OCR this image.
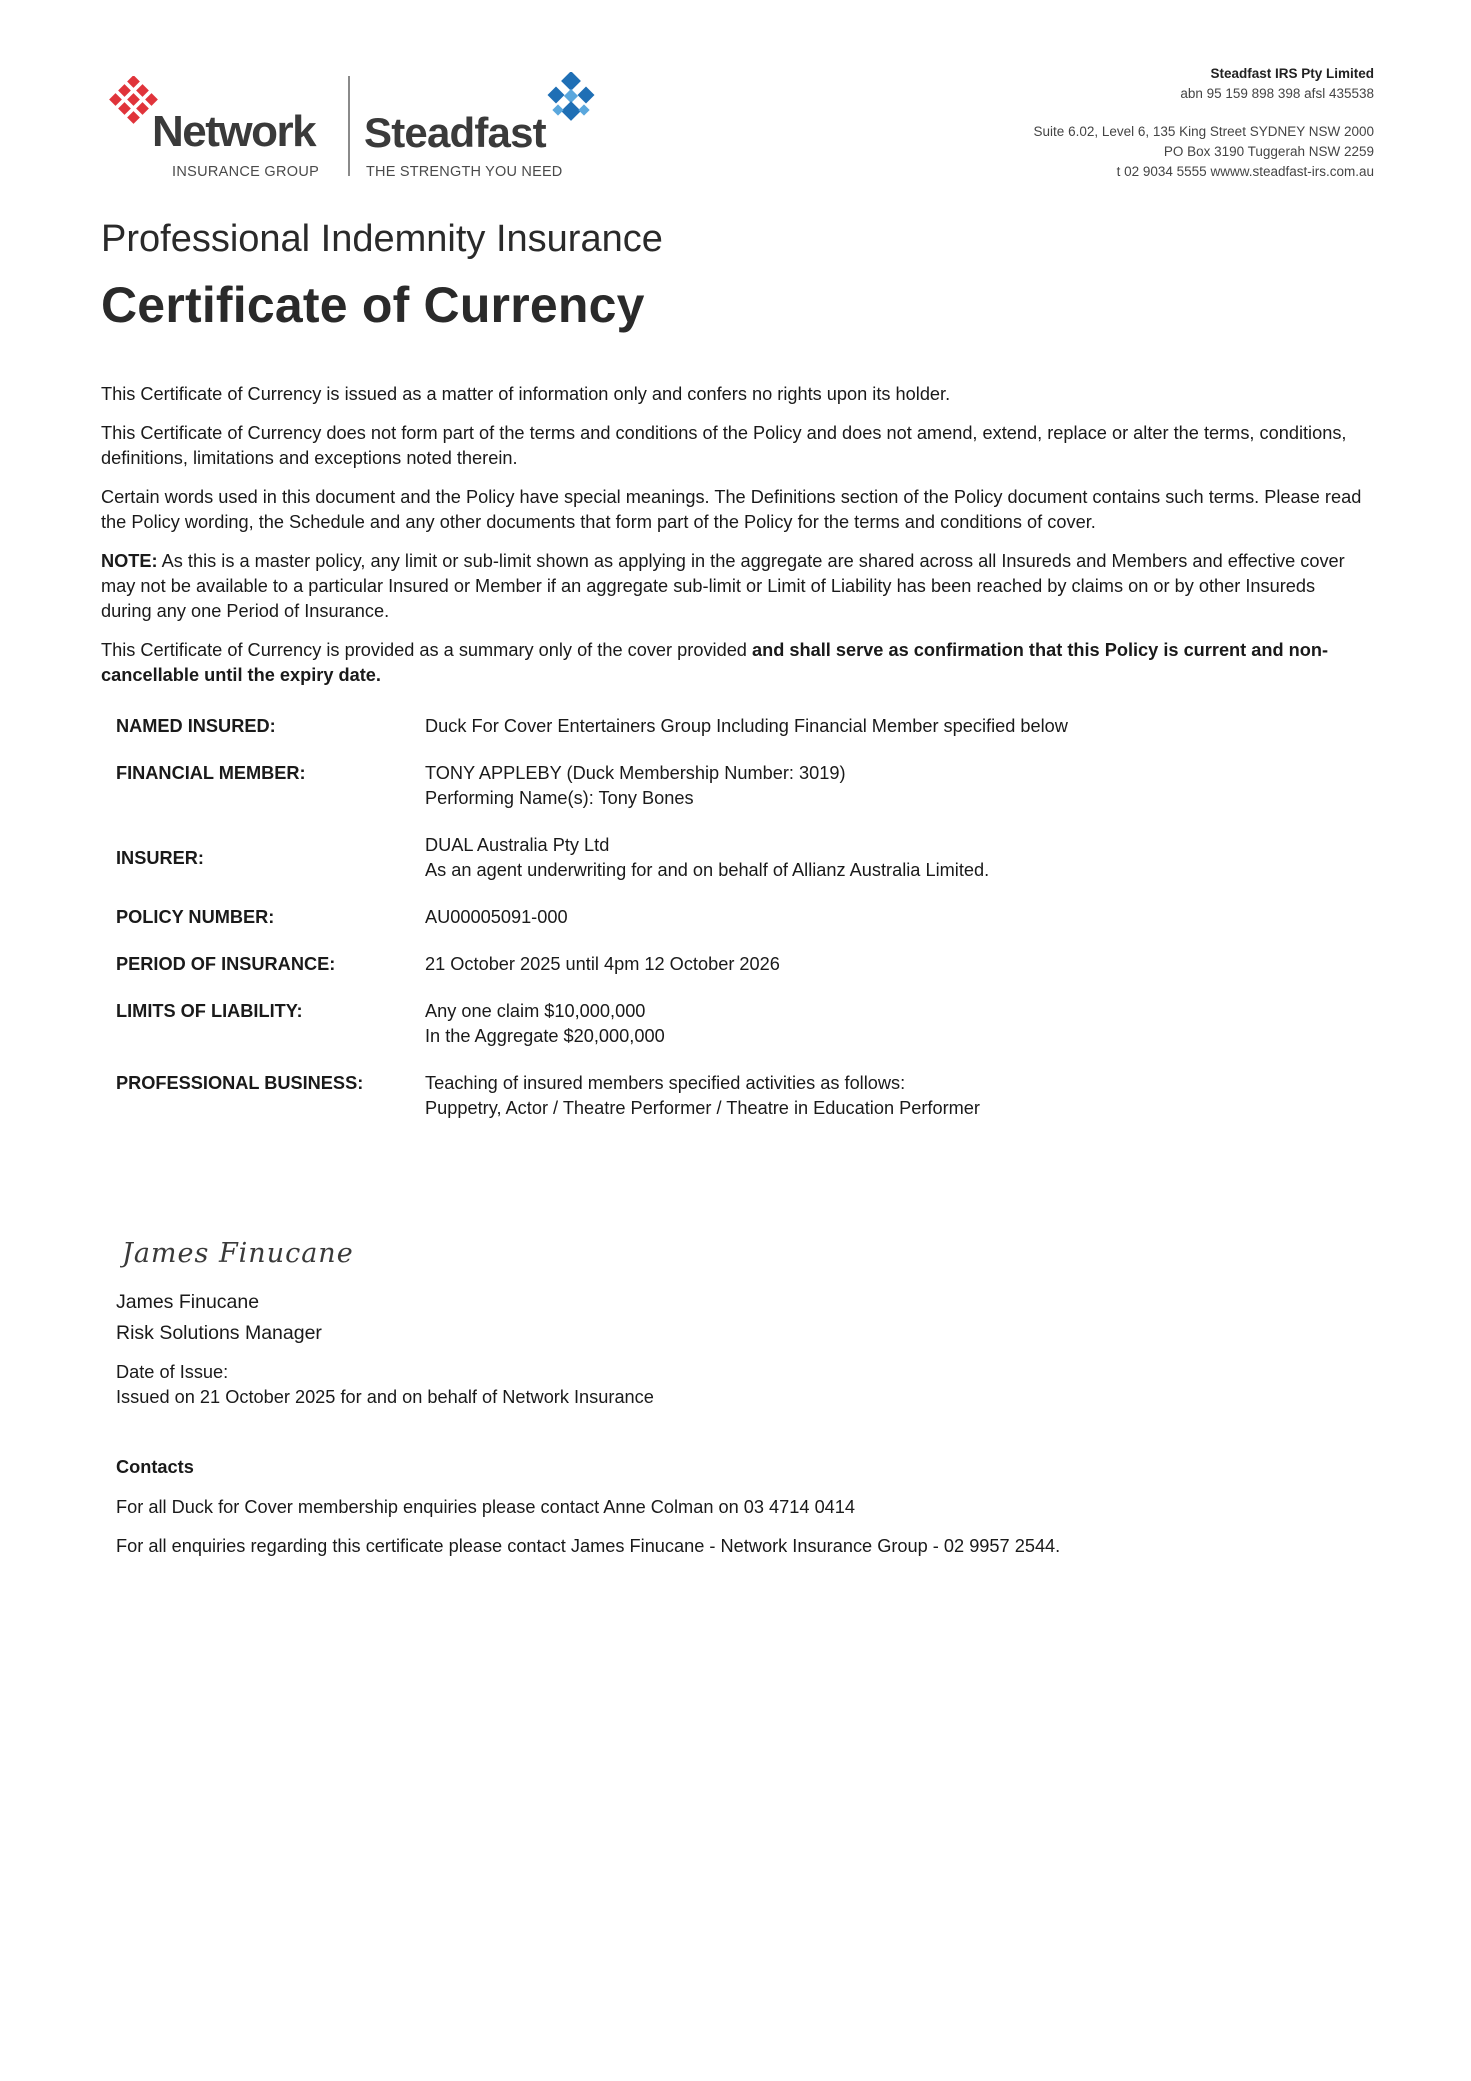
Network
INSURANCE GROUP
Steadfast
THE STRENGTH YOU NEED
Steadfast IRS Pty Limited
abn 95 159 898 398 afsl 435538
Suite 6.02, Level 6, 135 King Street SYDNEY NSW 2000
PO Box 3190 Tuggerah NSW 2259
t 02 9034 5555 wwww.steadfast-irs.com.au
Professional Indemnity Insurance
Certificate of Currency

This Certificate of Currency is issued as a matter of information only and confers no rights upon its holder.

This Certificate of Currency does not form part of the terms and conditions of the Policy and does not amend, extend, replace or alter the terms, conditions, definitions, limitations and exceptions noted therein.

Certain words used in this document and the Policy have special meanings. The Definitions section of the Policy document contains such terms. Please read the Policy wording, the Schedule and any other documents that form part of the Policy for the terms and conditions of cover.

NOTE: As this is a master policy, any limit or sub-limit shown as applying in the aggregate are shared across all Insureds and Members and effective cover may not be available to a particular Insured or Member if an aggregate sub-limit or Limit of Liability has been reached by claims on or by other Insureds during any one Period of Insurance.

This Certificate of Currency is provided as a summary only of the cover provided and shall serve as confirmation that this Policy is current and non-cancellable until the expiry date.

NAMED INSURED:	Duck For Cover Entertainers Group Including Financial Member specified below
FINANCIAL MEMBER:	TONY APPLEBY (Duck Membership Number: 3019)
Performing Name(s): Tony Bones
INSURER:
DUAL Australia Pty Ltd
As an agent underwriting for and on behalf of Allianz Australia Limited.
POLICY NUMBER:	AU00005091-000
PERIOD OF INSURANCE:	21 October 2025 until 4pm 12 October 2026
LIMITS OF LIABILITY:	Any one claim $10,000,000
In the Aggregate $20,000,000
PROFESSIONAL BUSINESS:	Teaching of insured members specified activities as follows:
Puppetry, Actor / Theatre Performer / Theatre in Education Performer
James Finucane
James Finucane
Risk Solutions Manager
Date of Issue:
Issued on 21 October 2025 for and on behalf of Network Insurance
Contacts

For all Duck for Cover membership enquiries please contact Anne Colman on 03 4714 0414

For all enquiries regarding this certificate please contact James Finucane - Network Insurance Group - 02 9957 2544.
